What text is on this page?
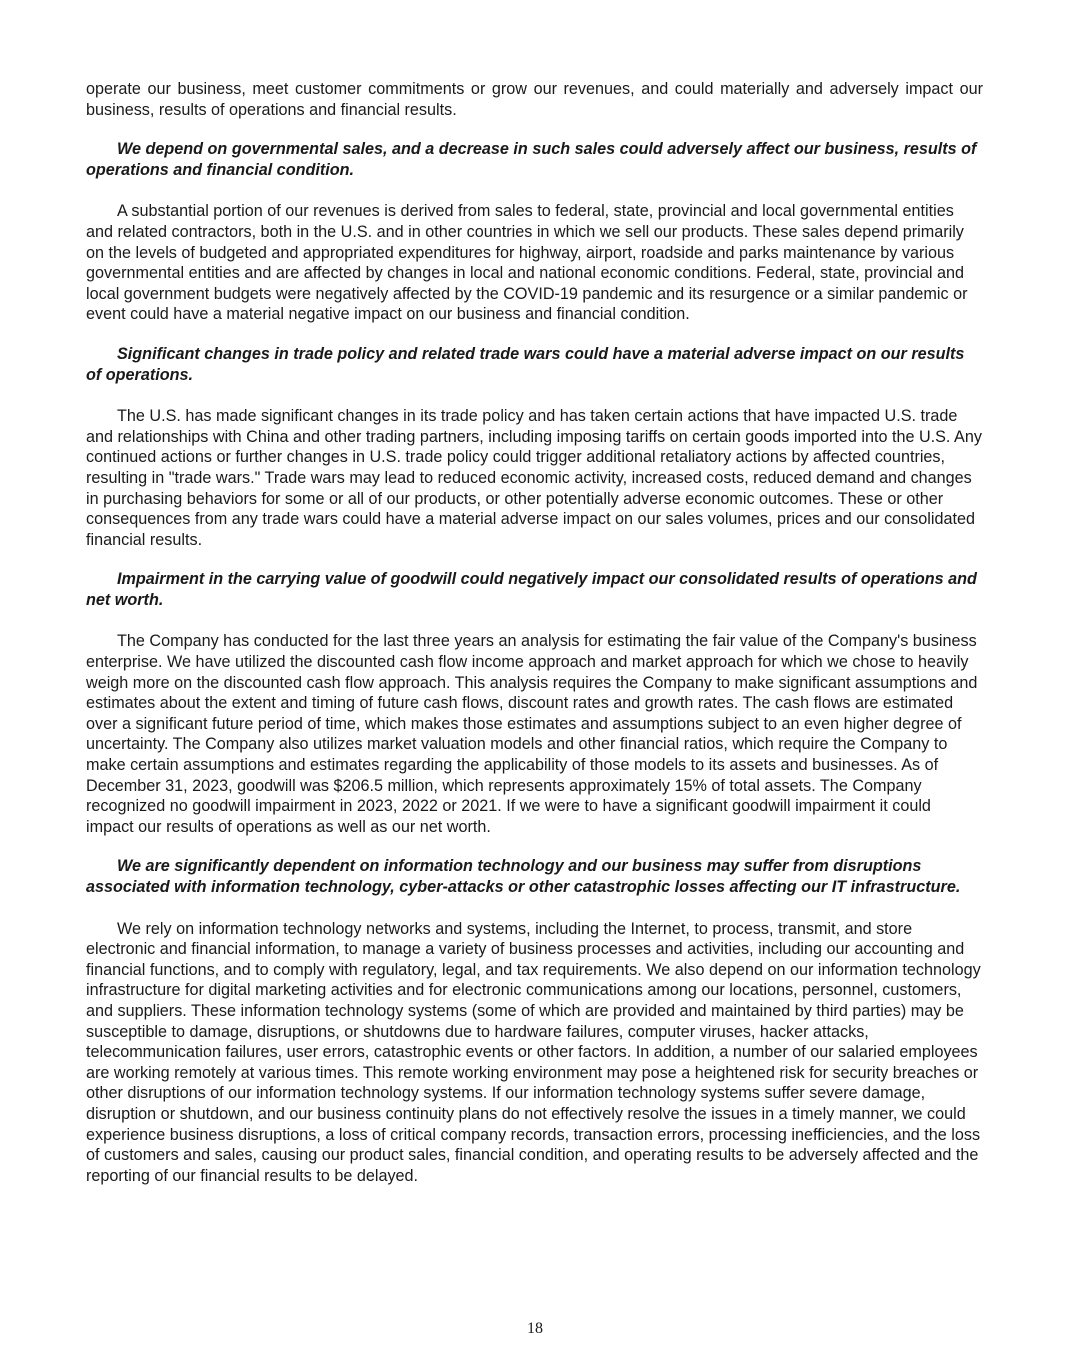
operate our business, meet customer commitments or grow our revenues, and could materially and adversely impact our business, results of operations and financial results.

We depend on governmental sales, and a decrease in such sales could adversely affect our business, results of operations and financial condition.

A substantial portion of our revenues is derived from sales to federal, state, provincial and local governmental entities and related contractors, both in the U.S. and in other countries in which we sell our products. These sales depend primarily on the levels of budgeted and appropriated expenditures for highway, airport, roadside and parks maintenance by various governmental entities and are affected by changes in local and national economic conditions. Federal, state, provincial and local government budgets were negatively affected by the COVID-19 pandemic and its resurgence or a similar pandemic or event could have a material negative impact on our business and financial condition.

Significant changes in trade policy and related trade wars could have a material adverse impact on our results of operations.

The U.S. has made significant changes in its trade policy and has taken certain actions that have impacted U.S. trade and relationships with China and other trading partners, including imposing tariffs on certain goods imported into the U.S. Any continued actions or further changes in U.S. trade policy could trigger additional retaliatory actions by affected countries, resulting in "trade wars." Trade wars may lead to reduced economic activity, increased costs, reduced demand and changes in purchasing behaviors for some or all of our products, or other potentially adverse economic outcomes. These or other consequences from any trade wars could have a material adverse impact on our sales volumes, prices and our consolidated financial results.

Impairment in the carrying value of goodwill could negatively impact our consolidated results of operations and net worth.

The Company has conducted for the last three years an analysis for estimating the fair value of the Company's business enterprise. We have utilized the discounted cash flow income approach and market approach for which we chose to heavily weigh more on the discounted cash flow approach. This analysis requires the Company to make significant assumptions and estimates about the extent and timing of future cash flows, discount rates and growth rates. The cash flows are estimated over a significant future period of time, which makes those estimates and assumptions subject to an even higher degree of uncertainty. The Company also utilizes market valuation models and other financial ratios, which require the Company to make certain assumptions and estimates regarding the applicability of those models to its assets and businesses. As of December 31, 2023, goodwill was $206.5 million, which represents approximately 15% of total assets. The Company recognized no goodwill impairment in 2023, 2022 or 2021. If we were to have a significant goodwill impairment it could impact our results of operations as well as our net worth.

We are significantly dependent on information technology and our business may suffer from disruptions associated with information technology, cyber-attacks or other catastrophic losses affecting our IT infrastructure.

We rely on information technology networks and systems, including the Internet, to process, transmit, and store electronic and financial information, to manage a variety of business processes and activities, including our accounting and financial functions, and to comply with regulatory, legal, and tax requirements. We also depend on our information technology infrastructure for digital marketing activities and for electronic communications among our locations, personnel, customers, and suppliers. These information technology systems (some of which are provided and maintained by third parties) may be susceptible to damage, disruptions, or shutdowns due to hardware failures, computer viruses, hacker attacks, telecommunication failures, user errors, catastrophic events or other factors. In addition, a number of our salaried employees are working remotely at various times. This remote working environment may pose a heightened risk for security breaches or other disruptions of our information technology systems. If our information technology systems suffer severe damage, disruption or shutdown, and our business continuity plans do not effectively resolve the issues in a timely manner, we could experience business disruptions, a loss of critical company records, transaction errors, processing inefficiencies, and the loss of customers and sales, causing our product sales, financial condition, and operating results to be adversely affected and the reporting of our financial results to be delayed.

18
